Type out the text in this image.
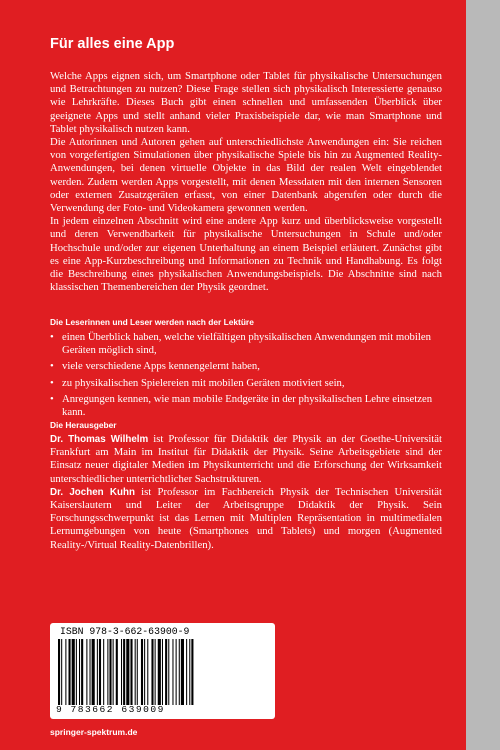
Für alles eine App

Welche Apps eignen sich, um Smartphone oder Tablet für physikalische Untersuchungen und Betrachtungen zu nutzen? Diese Frage stellen sich physikalisch Interessierte genauso wie Lehrkräfte. Dieses Buch gibt einen schnellen und umfassenden Überblick über geeignete Apps und stellt anhand vieler Praxisbeispiele dar, wie man Smartphone und Tablet physikalisch nutzen kann.

Die Autorinnen und Autoren gehen auf unterschiedlichste Anwendungen ein: Sie reichen von vorgefertigten Simulationen über physikalische Spiele bis hin zu Augmented Reality-Anwendungen, bei denen virtuelle Objekte in das Bild der realen Welt eingeblendet werden. Zudem werden Apps vorgestellt, mit denen Messdaten mit den internen Sensoren oder externen Zusatzgeräten erfasst, von einer Datenbank abgerufen oder durch die Verwendung der Foto- und Videokamera gewonnen werden.

In jedem einzelnen Abschnitt wird eine andere App kurz und überblicksweise vorgestellt und deren Verwendbarkeit für physikalische Untersuchungen in Schule und/oder Hochschule und/oder zur eigenen Unterhaltung an einem Beispiel erläutert. Zunächst gibt es eine App-Kurzbeschreibung und Informationen zu Technik und Handhabung. Es folgt die Beschreibung eines physikalischen Anwendungsbeispiels. Die Abschnitte sind nach klassischen Themenbereichen der Physik geordnet.

Die Leserinnen und Leser werden nach der Lektüre
• einen Überblick haben, welche vielfältigen physikalischen Anwendungen mit mobilen Geräten möglich sind,
• viele verschiedene Apps kennengelernt haben,
• zu physikalischen Spielereien mit mobilen Geräten motiviert sein,
• Anregungen kennen, wie man mobile Endgeräte in der physikalischen Lehre einsetzen kann.
Die Herausgeber

Dr. Thomas Wilhelm ist Professor für Didaktik der Physik an der Goethe-Universität Frankfurt am Main im Institut für Didaktik der Physik. Seine Arbeitsgebiete sind der Einsatz neuer digitaler Medien im Physikunterricht und die Erforschung der Wirksamkeit unterschiedlicher unterrichtlicher Sachstrukturen.

Dr. Jochen Kuhn ist Professor im Fachbereich Physik der Technischen Universität Kaiserslautern und Leiter der Arbeitsgruppe Didaktik der Physik. Sein Forschungsschwerpunkt ist das Lernen mit Multiplen Repräsentation in multimedialen Lernumgebungen von heute (Smartphones und Tablets) und morgen (Augmented Reality-/Virtual Reality-Datenbrillen).

ISBN 978-3-662-63900-9
9 783662 639009
springer-spektrum.de
